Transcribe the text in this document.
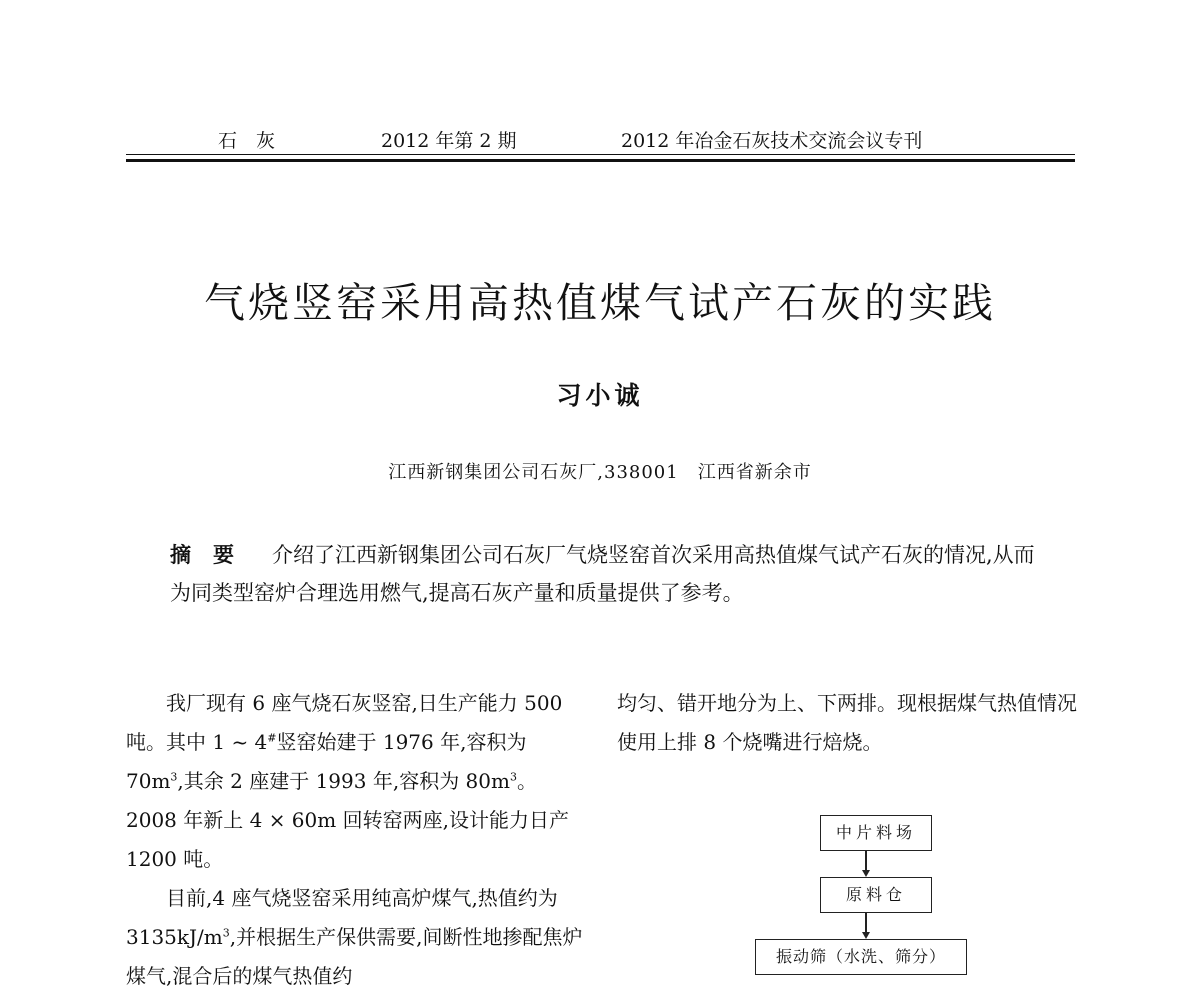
石　灰	2012 年第 2 期	2012 年冶金石灰技术交流会议专刊
气烧竖窑采用高热值煤气试产石灰的实践
习小诚
江西新钢集团公司石灰厂,338001　江西省新余市
摘要 介绍了江西新钢集团公司石灰厂气烧竖窑首次采用高热值煤气试产石灰的情况,从而为同类型窑炉合理选用燃气,提高石灰产量和质量提供了参考。

我厂现有 6 座气烧石灰竖窑,日生产能力 500 吨。其中 1 ~ 4#竖窑始建于 1976 年,容积为 $70m^3$,其余 2 座建于 1993 年,容积为 $80m^3$。2008 年新上 4 × 60m 回转窑两座,设计能力日产 1200 吨。

目前,4 座气烧竖窑采用纯高炉煤气,热值约为 $3135kJ/m^3$,并根据生产保供需要,间断性地掺配焦炉煤气,混合后的煤气热值约

均匀、错开地分为上、下两排。现根据煤气热值情况使用上排 8 个烧嘴进行焙烧。

中片料场
原料仓
振动筛（水洗、筛分）
